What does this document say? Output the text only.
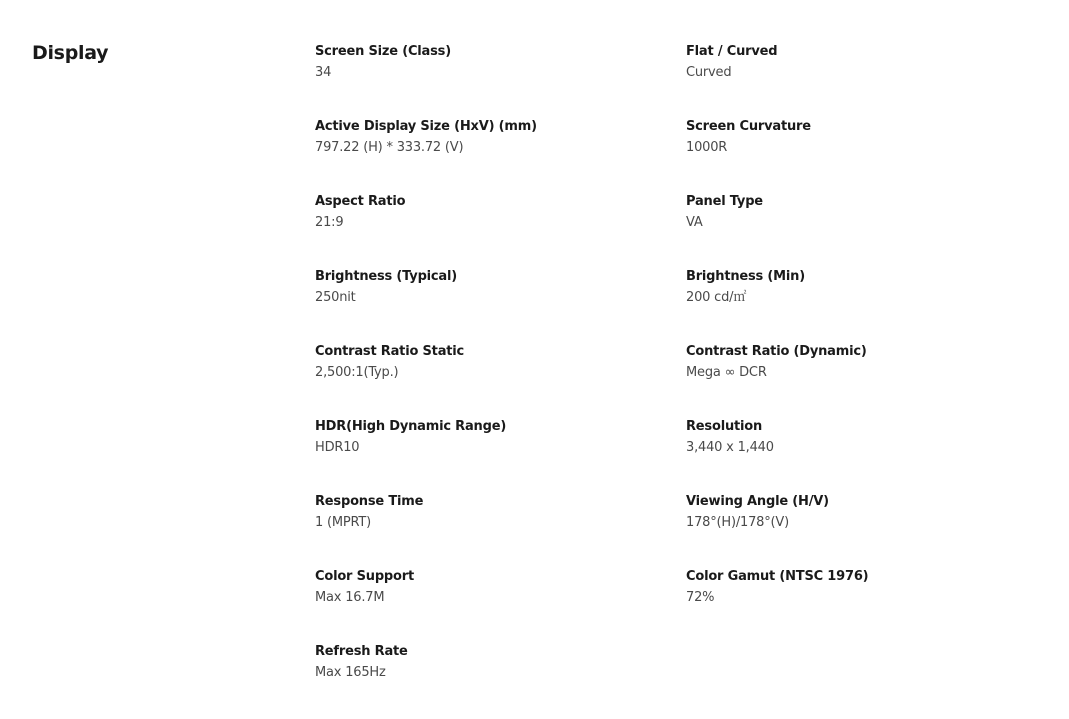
Display	Screen Size (Class)
34
Flat / Curved
Curved
Active Display Size (HxV) (mm)
797.22 (H) * 333.72 (V)
Screen Curvature
1000R
Aspect Ratio
21:9
Panel Type
VA
Brightness (Typical)
250nit
Brightness (Min)
200 cd/㎡
Contrast Ratio Static
2,500:1(Typ.)
Contrast Ratio (Dynamic)
Mega ∞ DCR
HDR(High Dynamic Range)
HDR10
Resolution
3,440 x 1,440
Response Time
1 (MPRT)
Viewing Angle (H/V)
178°(H)/178°(V)
Color Support
Max 16.7M
Color Gamut (NTSC 1976)
72%
Refresh Rate
Max 165Hz
